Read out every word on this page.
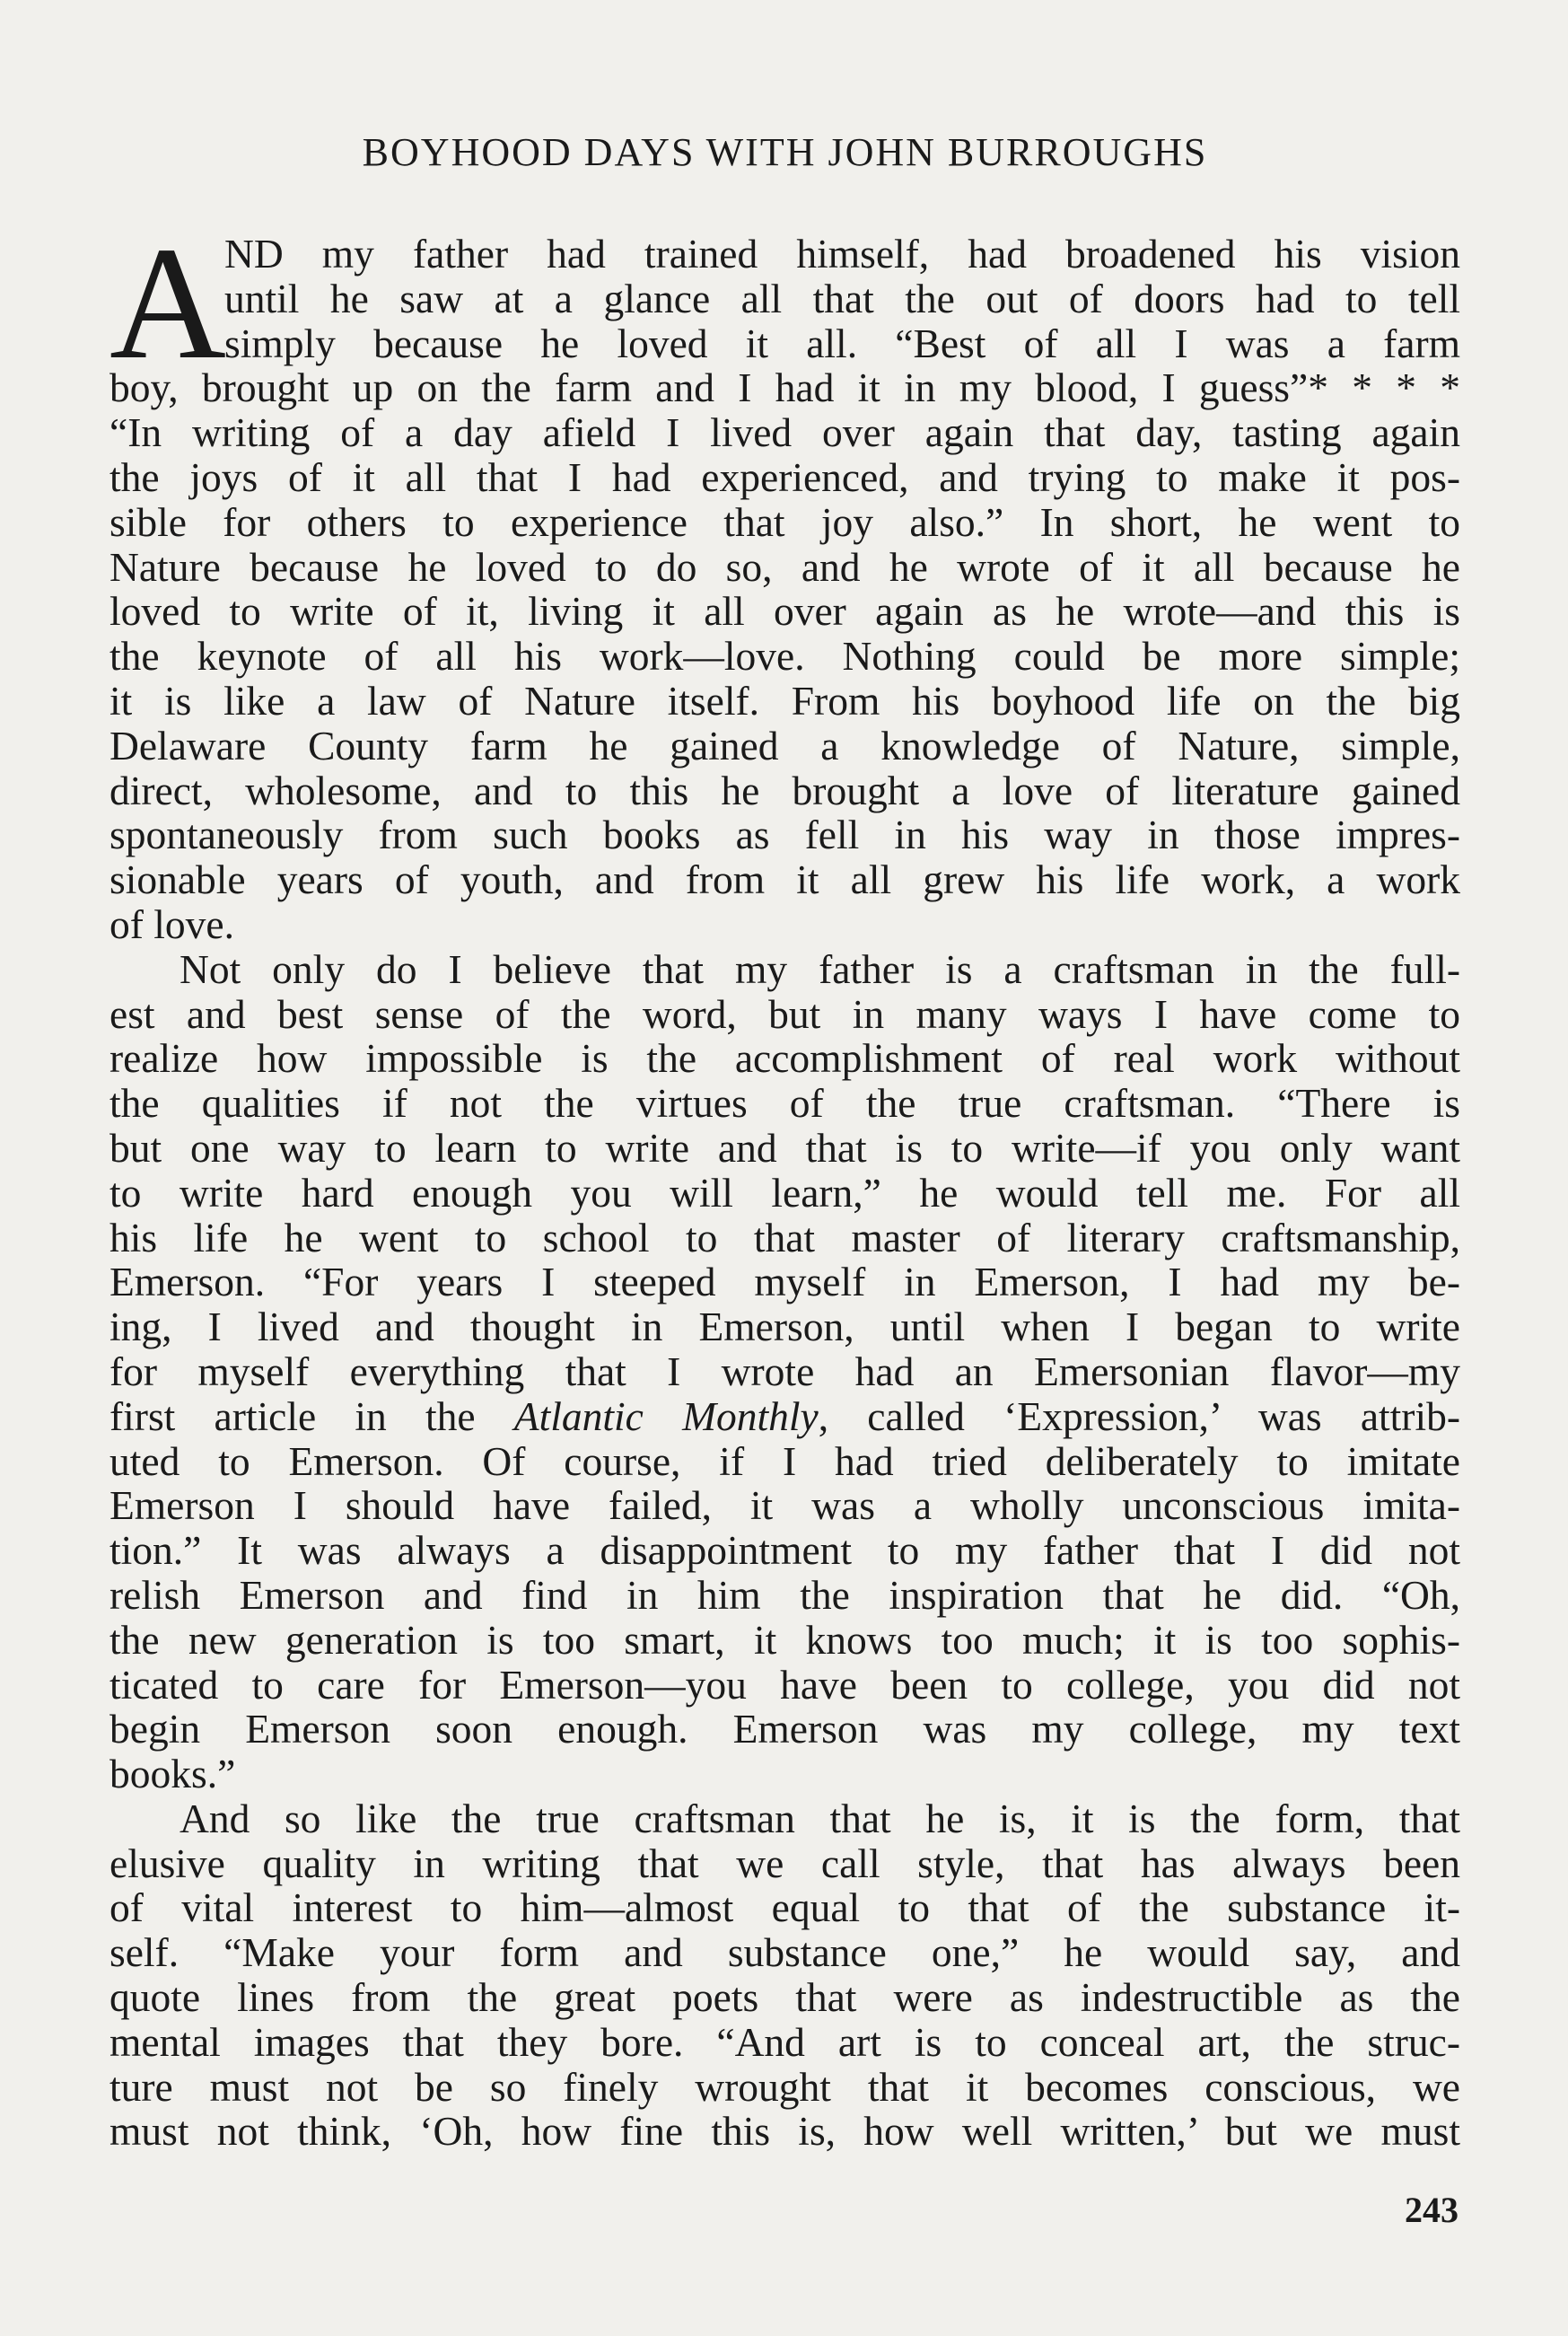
BOYHOOD DAYS WITH JOHN BURROUGHS
A
ND my father had trained himself, had broadened his vision
until he saw at a glance all that the out of doors had to tell
simply because he loved it all. “Best of all I was a farm
boy, brought up on the farm and I had it in my blood, I guess”* * * *
“In writing of a day afield I lived over again that day, tasting again
the joys of it all that I had experienced, and trying to make it pos-
sible for others to experience that joy also.” In short, he went to
Nature because he loved to do so, and he wrote of it all because he
loved to write of it, living it all over again as he wrote—and this is
the keynote of all his work—love. Nothing could be more simple;
it is like a law of Nature itself. From his boyhood life on the big
Delaware County farm he gained a knowledge of Nature, simple,
direct, wholesome, and to this he brought a love of literature gained
spontaneously from such books as fell in his way in those impres-
sionable years of youth, and from it all grew his life work, a work
of love.
Not only do I believe that my father is a craftsman in the full-
est and best sense of the word, but in many ways I have come to
realize how impossible is the accomplishment of real work without
the qualities if not the virtues of the true craftsman. “There is
but one way to learn to write and that is to write—if you only want
to write hard enough you will learn,” he would tell me. For all
his life he went to school to that master of literary craftsmanship,
Emerson. “For years I steeped myself in Emerson, I had my be-
ing, I lived and thought in Emerson, until when I began to write
for myself everything that I wrote had an Emersonian flavor—my
first article in the Atlantic Monthly, called ‘Expression,’ was attrib-
uted to Emerson. Of course, if I had tried deliberately to imitate
Emerson I should have failed, it was a wholly unconscious imita-
tion.” It was always a disappointment to my father that I did not
relish Emerson and find in him the inspiration that he did. “Oh,
the new generation is too smart, it knows too much; it is too sophis-
ticated to care for Emerson—you have been to college, you did not
begin Emerson soon enough. Emerson was my college, my text
books.”
And so like the true craftsman that he is, it is the form, that
elusive quality in writing that we call style, that has always been
of vital interest to him—almost equal to that of the substance it-
self. “Make your form and substance one,” he would say, and
quote lines from the great poets that were as indestructible as the
mental images that they bore. “And art is to conceal art, the struc-
ture must not be so finely wrought that it becomes conscious, we
must not think, ‘Oh, how fine this is, how well written,’ but we must
243
